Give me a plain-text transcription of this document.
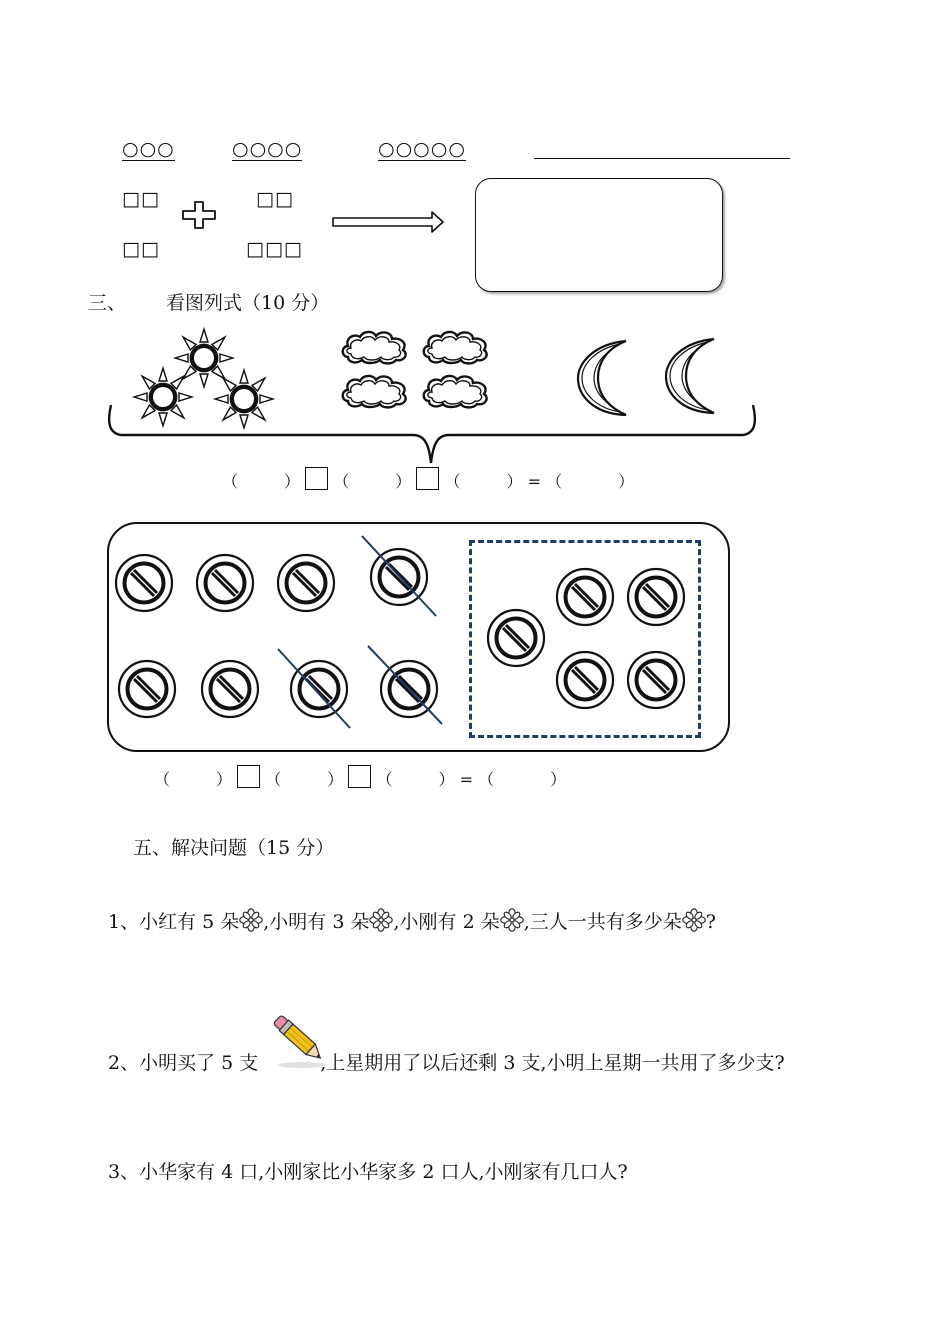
○○○	○○○○	○○○○○
□□
□□
□□
□□□
三、 看图列式（10 分）
（	） （	） （	） = （	）
（	） （	） （	） = （	）
五、解决问题（15 分）
1、小红有 5 朵 ,小明有 3 朵 ,小刚有 2 朵 ,三人一共有多少朵 ?
2、小明买了 5 支	,上星期用了以后还剩 3 支,小明上星期一共用了多少支?
3、小华家有 4 口,小刚家比小华家多 2 口人,小刚家有几口人?
